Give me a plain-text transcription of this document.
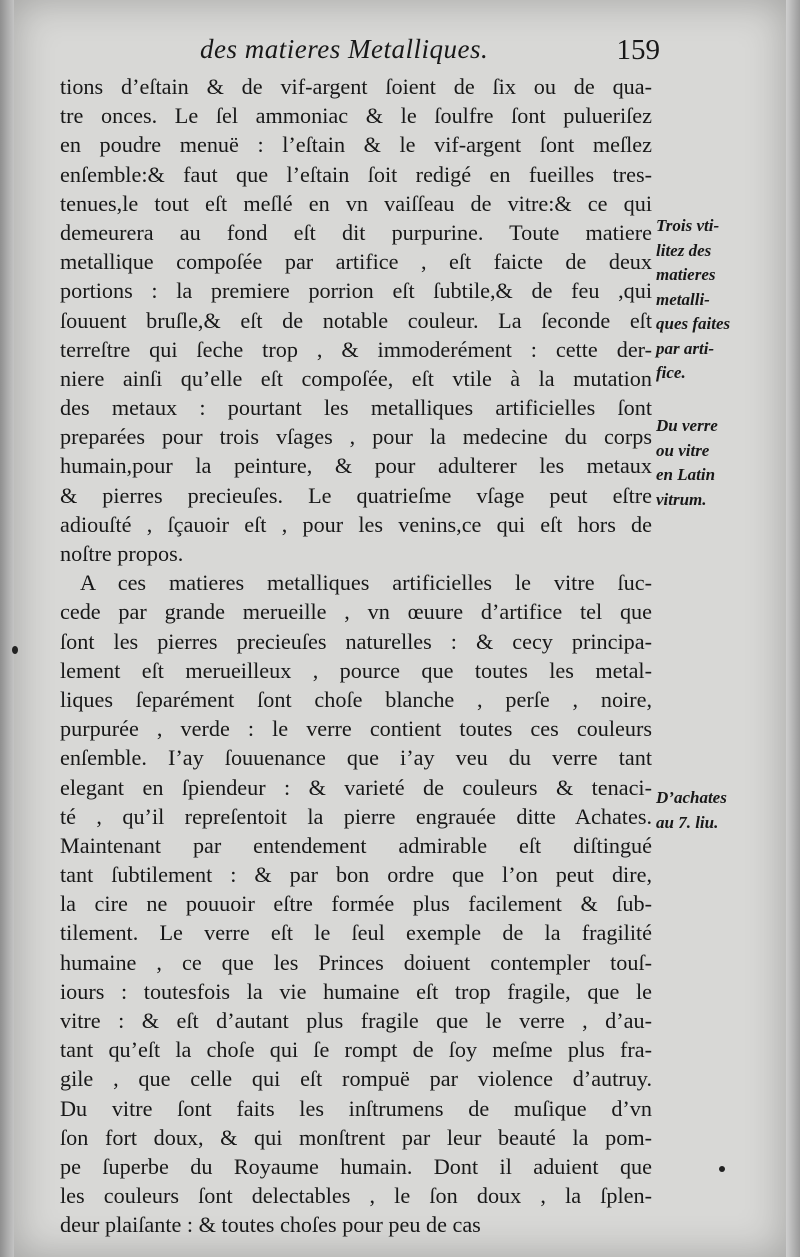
des matieres Metalliques.	159
tions d’eſtain & de vif-argent ſoient de ſix ou de qua-
tre onces. Le ſel ammoniac & le ſoulfre ſont pulueriſez
en poudre menuë : l’eſtain & le vif-argent ſont meſlez
enſemble:& faut que l’eſtain ſoit redigé en fueilles tres-
tenues,le tout eſt meſlé en vn vaiſſeau de vitre:& ce qui
demeurera au fond eſt dit purpurine. Toute matiere
metallique compoſée par artifice , eſt faicte de deux
portions : la premiere porrion eſt ſubtile,& de feu ,qui
ſouuent bruſle,& eſt de notable couleur. La ſeconde eſt
terreſtre qui ſeche trop , & immoderément : cette der-
niere ainſi qu’elle eſt compoſée, eſt vtile à la mutation
des metaux : pourtant les metalliques artificielles ſont
preparées pour trois vſages , pour la medecine du corps
humain,pour la peinture, & pour adulterer les metaux
& pierres precieuſes. Le quatrieſme vſage peut eſtre
adiouſté , ſçauoir eſt , pour les venins,ce qui eſt hors de
noſtre propos.
A ces matieres metalliques artificielles le vitre ſuc-
cede par grande merueille , vn œuure d’artifice tel que
ſont les pierres precieuſes naturelles : & cecy principa-
lement eſt merueilleux , pource que toutes les metal-
liques ſeparément ſont choſe blanche , perſe , noire,
purpurée , verde : le verre contient toutes ces couleurs
enſemble. I’ay ſouuenance que i’ay veu du verre tant
elegant en ſpiendeur : & varieté de couleurs & tenaci-
té , qu’il repreſentoit la pierre engrauée ditte Achates.
Maintenant par entendement admirable eſt diſtingué
tant ſubtilement : & par bon ordre que l’on peut dire,
la cire ne pouuoir eſtre formée plus facilement & ſub-
tilement. Le verre eſt le ſeul exemple de la fragilité
humaine , ce que les Princes doiuent contempler touſ-
iours : toutesfois la vie humaine eſt trop fragile, que le
vitre : & eſt d’autant plus fragile que le verre , d’au-
tant qu’eſt la choſe qui ſe rompt de ſoy meſme plus fra-
gile , que celle qui eſt rompuë par violence d’autruy.
Du vitre ſont faits les inſtrumens de muſique d’vn
ſon fort doux, & qui monſtrent par leur beauté la pom-
pe ſuperbe du Royaume humain. Dont il aduient que
les couleurs ſont delectables , le ſon doux , la ſplen-
deur plaiſante : & toutes choſes pour peu de cas
Trois vti-
litez des
matieres
metalli-
ques faites
par arti-
fice.
Du verre
ou vitre
en Latin
vitrum.
D’achates
au 7. liu.
